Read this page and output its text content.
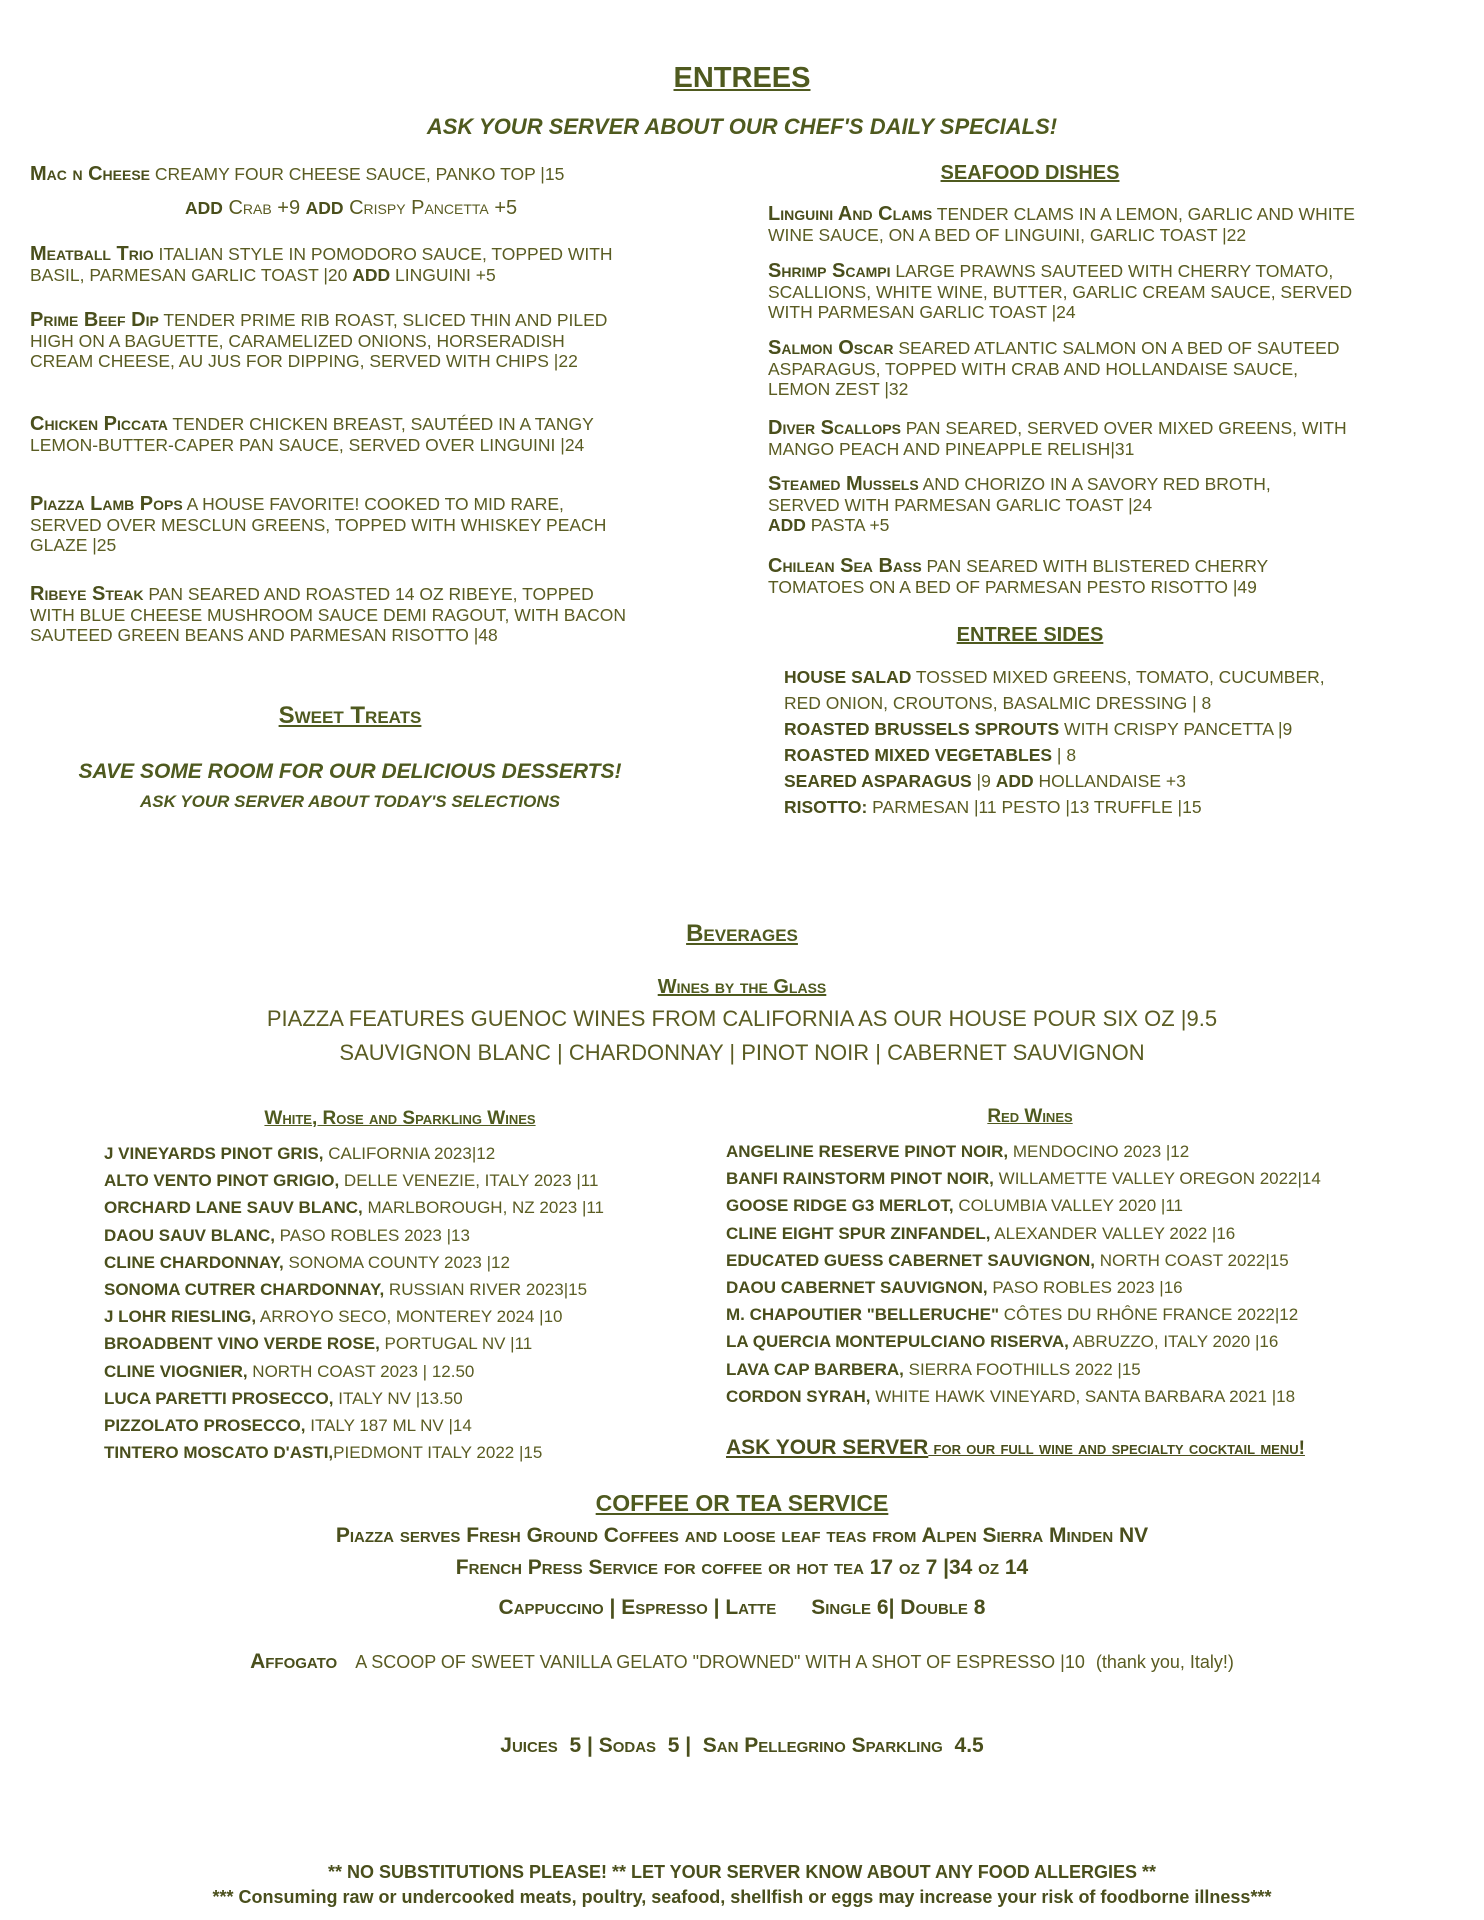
ENTREES
ASK YOUR SERVER ABOUT OUR CHEF'S DAILY SPECIALS!
Mac n Cheese CREAMY FOUR CHEESE SAUCE, PANKO TOP |15
ADD Crab +9 ADD Crispy Pancetta +5
Meatball Trio ITALIAN STYLE IN POMODORO SAUCE, TOPPED WITH BASIL, PARMESAN GARLIC TOAST |20 ADD LINGUINI +5
Prime Beef Dip TENDER PRIME RIB ROAST, SLICED THIN AND PILED HIGH ON A BAGUETTE, CARAMELIZED ONIONS, HORSERADISH CREAM CHEESE, AU JUS FOR DIPPING, SERVED WITH CHIPS |22
Chicken Piccata TENDER CHICKEN BREAST, SAUTÉED IN A TANGY LEMON-BUTTER-CAPER PAN SAUCE, SERVED OVER LINGUINI |24
Piazza Lamb Pops A HOUSE FAVORITE! COOKED TO MID RARE, SERVED OVER MESCLUN GREENS, TOPPED WITH WHISKEY PEACH GLAZE |25
Ribeye Steak PAN SEARED AND ROASTED 14 OZ RIBEYE, TOPPED WITH BLUE CHEESE MUSHROOM SAUCE DEMI RAGOUT, WITH BACON SAUTEED GREEN BEANS AND PARMESAN RISOTTO |48
Sweet Treats
SAVE SOME ROOM FOR OUR DELICIOUS DESSERTS!
ASK YOUR SERVER ABOUT TODAY'S SELECTIONS
SEAFOOD DISHES
Linguini And Clams TENDER CLAMS IN A LEMON, GARLIC AND WHITE WINE SAUCE, ON A BED OF LINGUINI, GARLIC TOAST |22
Shrimp Scampi LARGE PRAWNS SAUTEED WITH CHERRY TOMATO, SCALLIONS, WHITE WINE, BUTTER, GARLIC CREAM SAUCE, SERVED WITH PARMESAN GARLIC TOAST |24
Salmon Oscar SEARED ATLANTIC SALMON ON A BED OF SAUTEED ASPARAGUS, TOPPED WITH CRAB AND HOLLANDAISE SAUCE, LEMON ZEST |32
Diver Scallops PAN SEARED, SERVED OVER MIXED GREENS, WITH MANGO PEACH AND PINEAPPLE RELISH|31
Steamed Mussels AND CHORIZO IN A SAVORY RED BROTH, SERVED WITH PARMESAN GARLIC TOAST |24
ADD PASTA +5
Chilean Sea Bass PAN SEARED WITH BLISTERED CHERRY TOMATOES ON A BED OF PARMESAN PESTO RISOTTO |49
ENTREE SIDES
HOUSE SALAD TOSSED MIXED GREENS, TOMATO, CUCUMBER,
RED ONION, CROUTONS, BASALMIC DRESSING | 8
ROASTED BRUSSELS SPROUTS WITH CRISPY PANCETTA |9
ROASTED MIXED VEGETABLES | 8
SEARED ASPARAGUS |9 ADD HOLLANDAISE +3
RISOTTO: PARMESAN |11 PESTO |13 TRUFFLE |15
Beverages
Wines by the Glass
PIAZZA FEATURES GUENOC WINES FROM CALIFORNIA AS OUR HOUSE POUR SIX OZ |9.5
SAUVIGNON BLANC | CHARDONNAY | PINOT NOIR | CABERNET SAUVIGNON
White, Rose and Sparkling Wines
J VINEYARDS PINOT GRIS, CALIFORNIA 2023|12
ALTO VENTO PINOT GRIGIO, DELLE VENEZIE, ITALY 2023 |11
ORCHARD LANE SAUV BLANC, MARLBOROUGH, NZ 2023 |11
DAOU SAUV BLANC, PASO ROBLES 2023 |13
CLINE CHARDONNAY, SONOMA COUNTY 2023 |12
SONOMA CUTRER CHARDONNAY, RUSSIAN RIVER 2023|15
J LOHR RIESLING, ARROYO SECO, MONTEREY 2024 |10
BROADBENT VINO VERDE ROSE, PORTUGAL NV |11
CLINE VIOGNIER, NORTH COAST 2023 | 12.50
LUCA PARETTI PROSECCO, ITALY NV |13.50
PIZZOLATO PROSECCO, ITALY 187 ML NV |14
TINTERO MOSCATO D'ASTI,PIEDMONT ITALY 2022 |15
Red Wines
ANGELINE RESERVE PINOT NOIR, MENDOCINO 2023 |12
BANFI RAINSTORM PINOT NOIR, WILLAMETTE VALLEY OREGON 2022|14
GOOSE RIDGE G3 MERLOT, COLUMBIA VALLEY 2020 |11
CLINE EIGHT SPUR ZINFANDEL, ALEXANDER VALLEY 2022 |16
EDUCATED GUESS CABERNET SAUVIGNON, NORTH COAST 2022|15
DAOU CABERNET SAUVIGNON, PASO ROBLES 2023 |16
M. CHAPOUTIER "BELLERUCHE" CÔTES DU RHÔNE FRANCE 2022|12
LA QUERCIA MONTEPULCIANO RISERVA, ABRUZZO, ITALY 2020 |16
LAVA CAP BARBERA, SIERRA FOOTHILLS 2022 |15
CORDON SYRAH, WHITE HAWK VINEYARD, SANTA BARBARA 2021 |18
ASK YOUR SERVER for our full wine and specialty cocktail menu!
COFFEE OR TEA SERVICE
Piazza serves Fresh Ground Coffees and loose leaf teas from Alpen Sierra Minden NV
French Press Service for coffee or hot tea 17 oz 7 |34 oz 14
Cappuccino | Espresso | Latte      Single 6| Double 8
Affogato A SCOOP OF SWEET VANILLA GELATO "DROWNED" WITH A SHOT OF ESPRESSO |10 (thank you, Italy!)
Juices  5 | Sodas  5 |  San Pellegrino Sparkling  4.5
** NO SUBSTITUTIONS PLEASE! ** LET YOUR SERVER KNOW ABOUT ANY FOOD ALLERGIES **
*** Consuming raw or undercooked meats, poultry, seafood, shellfish or eggs may increase your risk of foodborne illness***
